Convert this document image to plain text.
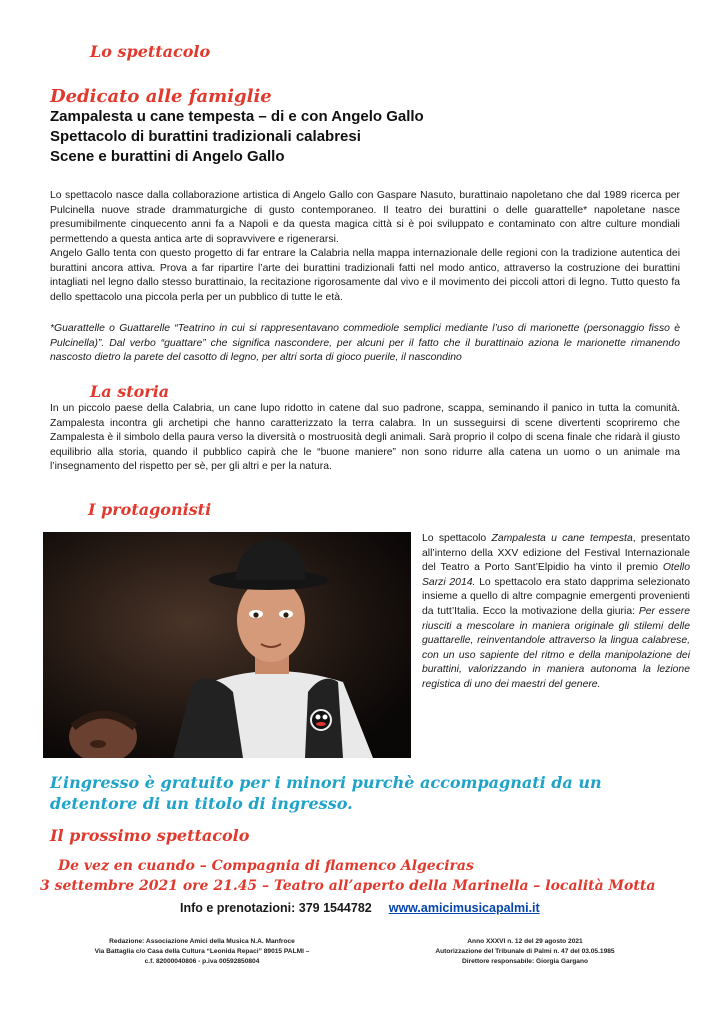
Lo spettacolo
Dedicato alle famiglie
Zampalesta u cane tempesta – di e con Angelo Gallo
Spettacolo di burattini tradizionali calabresi
Scene e burattini di Angelo Gallo
Lo spettacolo nasce dalla collaborazione artistica di Angelo Gallo con Gaspare Nasuto, burattinaio napoletano che dal 1989 ricerca per Pulcinella nuove strade drammaturgiche di gusto contemporaneo. Il teatro dei burattini o delle guarattelle* napoletane nasce presumibilmente cinquecento anni fa a Napoli e da questa magica città si è poi sviluppato e contaminato con altre culture mondiali permettendo a questa antica arte di sopravvivere e rigenerarsi.
Angelo Gallo tenta con questo progetto di far entrare la Calabria nella mappa internazionale delle regioni con la tradizione autentica dei burattini ancora attiva. Prova a far ripartire l’arte dei burattini tradizionali fatti nel modo antico, attraverso la costruzione dei burattini intagliati nel legno dallo stesso burattinaio, la recitazione rigorosamente dal vivo e il movimento dei piccoli attori di legno. Tutto questo fa dello spettacolo una piccola perla per un pubblico di tutte le età.
*Guarattelle o Guattarelle “Teatrino in cui si rappresentavano commediole semplici mediante l’uso di marionette (personaggio fisso è Pulcinella)”. Dal verbo “guattare” che significa nascondere, per alcuni per il fatto che il burattinaio aziona le marionette rimanendo nascosto dietro la parete del casotto di legno, per altri sorta di gioco puerile, il nascondino
La storia
In un piccolo paese della Calabria, un cane lupo ridotto in catene dal suo padrone, scappa, seminando il panico in tutta la comunità. Zampalesta incontra gli archetipi che hanno caratterizzato la terra calabra. In un susseguirsi di scene divertenti scopriremo che Zampalesta è il simbolo della paura verso la diversità o mostruosità degli animali. Sarà proprio il colpo di scena finale che ridarà il giusto equilibrio alla storia, quando il pubblico capirà che le “buone maniere” non sono ridurre alla catena un uomo o un animale ma l’insegnamento del rispetto per sè, per gli altri e per la natura.
I protagonisti
Lo spettacolo Zampalesta u cane tempesta, presentato all’interno della XXV edizione del Festival Internazionale del Teatro a Porto Sant’Elpidio ha vinto il premio Otello Sarzi 2014. Lo spettacolo era stato dapprima selezionato insieme a quello di altre compagnie emergenti provenienti da tutt’Italia. Ecco la motivazione della giuria: Per essere riusciti a mescolare in maniera originale gli stilemi delle guattarelle, reinventandole attraverso la lingua calabrese, con un uso sapiente del ritmo e della manipolazione dei burattini, valorizzando in maniera autonoma la lezione registica di uno dei maestri del genere.
L’ingresso è gratuito per i minori purchè accompagnati da un detentore di un titolo di ingresso.
Il prossimo spettacolo
De vez en cuando – Compagnia di flamenco Algeciras
3 settembre 2021 ore 21.45 – Teatro all’aperto della Marinella – località Motta
Info e prenotazioni: 379 1544782 www.amicimusicapalmi.it
Redazione: Associazione Amici della Musica N.A. Manfroce
Via Battaglia c/o Casa della Cultura “Leonida Repaci” 89015 PALMI –
c.f. 82000040806 - p.iva 00592850804
Anno XXXVI n. 12 del 29 agosto 2021
Autorizzazione del Tribunale di Palmi n. 47 del 03.05.1985
Direttore responsabile: Giorgia Gargano
